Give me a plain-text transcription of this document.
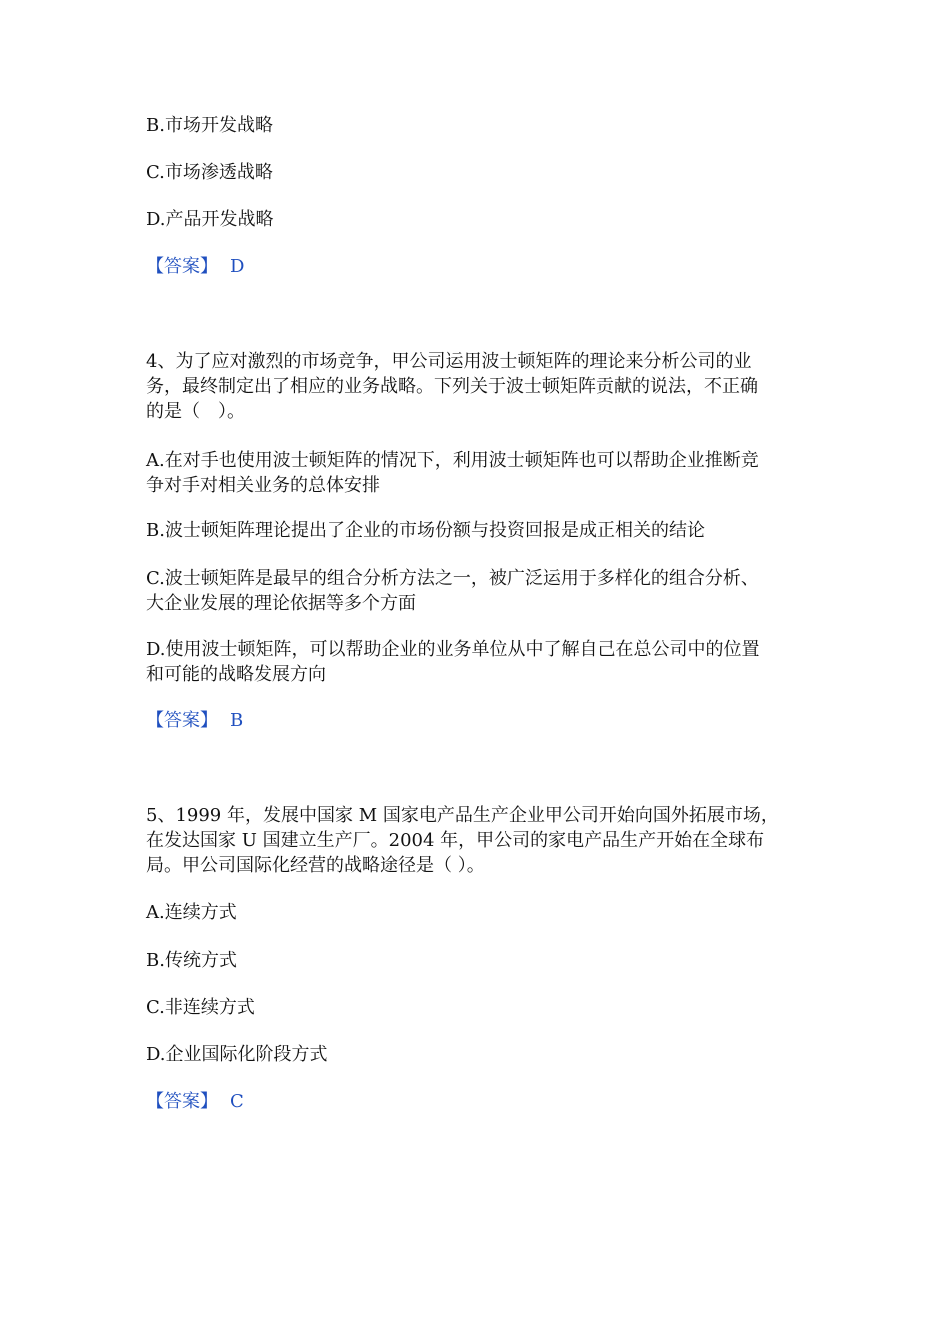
B.市场开发战略
C.市场渗透战略
D.产品开发战略
【答案】 D
4、为了应对激烈的市场竞争，甲公司运用波士顿矩阵的理论来分析公司的业
务，最终制定出了相应的业务战略。下列关于波士顿矩阵贡献的说法，不正确
的是（　）。
A.在对手也使用波士顿矩阵的情况下，利用波士顿矩阵也可以帮助企业推断竞
争对手对相关业务的总体安排
B.波士顿矩阵理论提出了企业的市场份额与投资回报是成正相关的结论
C.波士顿矩阵是最早的组合分析方法之一，被广泛运用于多样化的组合分析、
大企业发展的理论依据等多个方面
D.使用波士顿矩阵，可以帮助企业的业务单位从中了解自己在总公司中的位置
和可能的战略发展方向
【答案】 B
5、1999 年，发展中国家 M 国家电产品生产企业甲公司开始向国外拓展市场，
在发达国家 U 国建立生产厂。2004 年，甲公司的家电产品生产开始在全球布
局。甲公司国际化经营的战略途径是（ ）。
A.连续方式
B.传统方式
C.非连续方式
D.企业国际化阶段方式
【答案】 C
